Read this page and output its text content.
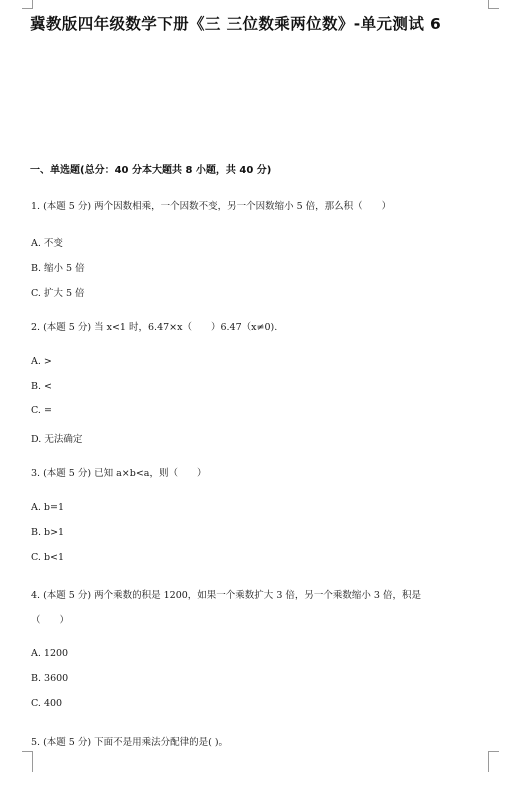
冀教版四年级数学下册《三 三位数乘两位数》-单元测试 6
一、单选题(总分：40 分本大题共 8 小题，共 40 分)
1. (本题 5 分) 两个因数相乘，一个因数不变，另一个因数缩小 5 倍，那么积（　　）
A. 不变
B. 缩小 5 倍
C. 扩大 5 倍
2. (本题 5 分) 当 x<1 时，6.47×x（　　）6.47（x≠0).
A. >
B. <
C. =
D. 无法确定
3. (本题 5 分) 已知 a×b<a，则（　　）
A. b=1
B. b>1
C. b<1
4. (本题 5 分) 两个乘数的积是 1200，如果一个乘数扩大 3 倍，另一个乘数缩小 3 倍，积是
（　　）
A. 1200
B. 3600
C. 400
5. (本题 5 分) 下面不是用乘法分配律的是( )。
